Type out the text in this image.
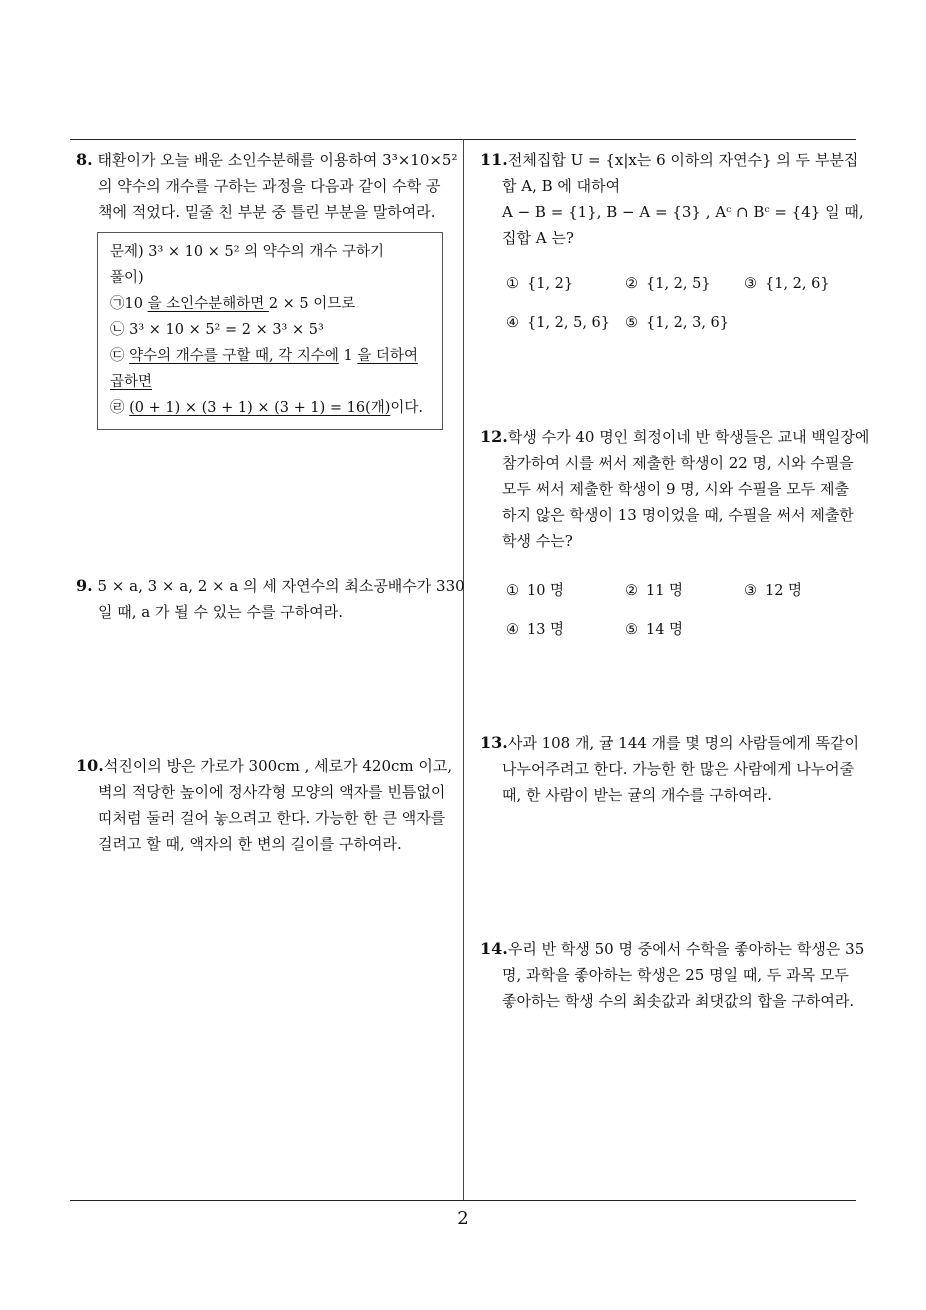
8. 태환이가 오늘 배운 소인수분해를 이용하여 3³×10×5²
의 약수의 개수를 구하는 과정을 다음과 같이 수학 공
책에 적었다. 밑줄 친 부분 중 틀린 부분을 말하여라.
문제) 3³ × 10 × 5² 의 약수의 개수 구하기
풀이)
㉠10 을 소인수분해하면 2 × 5 이므로
㉡ 3³ × 10 × 5² = 2 × 3³ × 5³
㉢ 약수의 개수를 구할 때, 각 지수에 1 을 더하여
곱하면
㉣ (0 + 1) × (3 + 1) × (3 + 1) = 16(개)이다.
9. 5 × a, 3 × a, 2 × a 의 세 자연수의 최소공배수가 330
일 때, a 가 될 수 있는 수를 구하여라.
10.석진이의 방은 가로가 300cm , 세로가 420cm 이고,
벽의 적당한 높이에 정사각형 모양의 액자를 빈틈없이
띠처럼 둘러 걸어 놓으려고 한다. 가능한 한 큰 액자를
걸려고 할 때, 액자의 한 변의 길이를 구하여라.
11.전체집합 U = {x|x는 6 이하의 자연수} 의 두 부분집
합 A, B 에 대하여
A − B = {1}, B − A = {3} , Aᶜ ∩ Bᶜ = {4} 일 때,
집합 A 는?
① {1, 2}	② {1, 2, 5} ③ {1, 2, 6}
④ {1, 2, 5, 6} ⑤ {1, 2, 3, 6}
12.학생 수가 40 명인 희정이네 반 학생들은 교내 백일장에
참가하여 시를 써서 제출한 학생이 22 명, 시와 수필을
모두 써서 제출한 학생이 9 명, 시와 수필을 모두 제출
하지 않은 학생이 13 명이었을 때, 수필을 써서 제출한
학생 수는?
① 10 명	② 11 명	③ 12 명
④ 13 명	⑤ 14 명
13.사과 108 개, 귤 144 개를 몇 명의 사람들에게 똑같이
나누어주려고 한다. 가능한 한 많은 사람에게 나누어줄
때, 한 사람이 받는 귤의 개수를 구하여라.
14.우리 반 학생 50 명 중에서 수학을 좋아하는 학생은 35
명, 과학을 좋아하는 학생은 25 명일 때, 두 과목 모두
좋아하는 학생 수의 최솟값과 최댓값의 합을 구하여라.
2
